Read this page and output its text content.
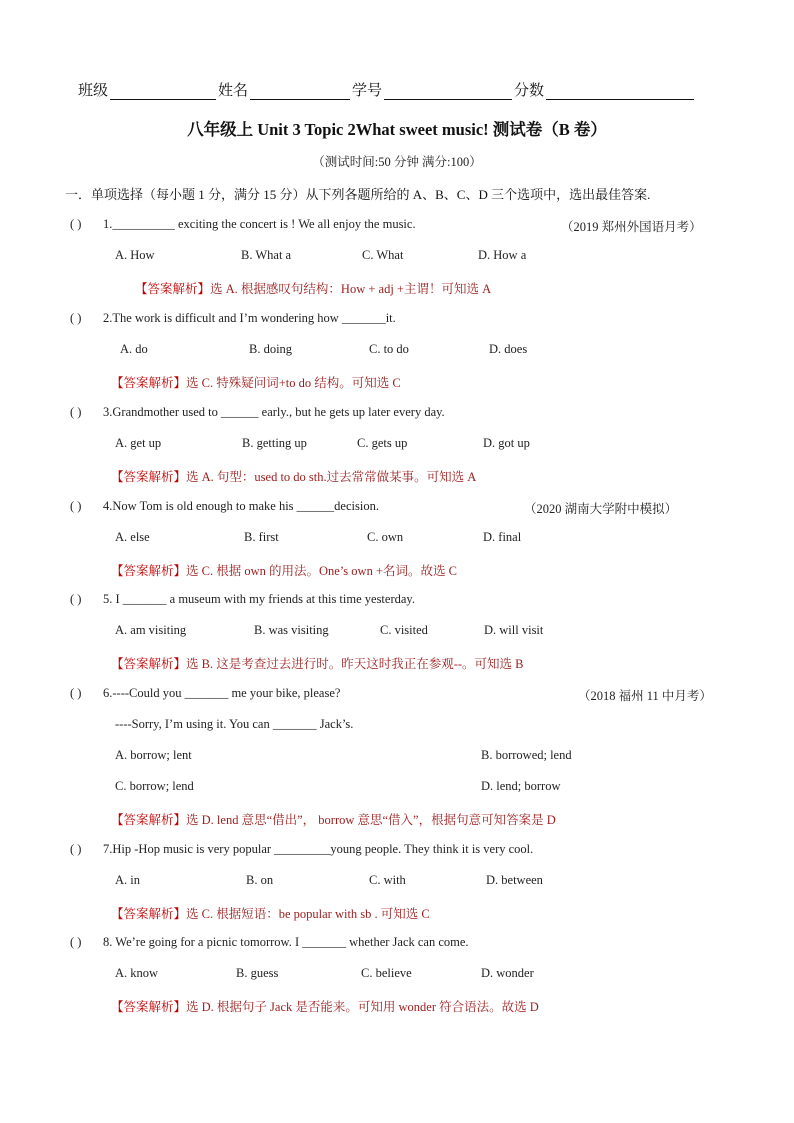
班级	姓名	学号	分数
八年级上 Unit 3 Topic 2What sweet music! 测试卷（B 卷）
（测试时间:50 分钟 满分:100）
一．单项选择（每小题 1 分，满分 15 分）从下列各题所给的 A、B、C、D 三个选项中，选出最佳答案.
( ) 1.__________ exciting the concert is ! We all enjoy the music.	（2019 郑州外国语月考）
A. How	B. What a	C. What	D. How a
【答案解析】选 A. 根据感叹句结构：How + adj +主谓！可知选 A
( ) 2.The work is difficult and I’m wondering how _______it.
A. do	B. doing	C. to do	D. does
【答案解析】选 C. 特殊疑问词+to do 结构。可知选 C
( ) 3.Grandmother used to ______ early., but he gets up later every day.
A. get up	B. getting up	C. gets up	D. got up
【答案解析】选 A. 句型：used to do sth.过去常常做某事。可知选 A
( ) 4.Now Tom is old enough to make his ______decision.	（2020 湖南大学附中模拟）
A. else	B. first	C. own	D. final
【答案解析】选 C. 根据 own 的用法。One’s own +名词。故选 C
( ) 5. I _______ a museum with my friends at this time yesterday.
A. am visiting	B. was visiting	C. visited	D. will visit
【答案解析】选 B. 这是考查过去进行时。昨天这时我正在参观--。可知选 B
( ) 6.----Could you _______ me your bike, please?	（2018 福州 11 中月考）
----Sorry, I’m using it. You can _______ Jack’s.
A. borrow; lent	B. borrowed; lend
C. borrow; lend	D. lend; borrow
【答案解析】选 D. lend 意思“借出”， borrow 意思“借入”，根据句意可知答案是 D
( ) 7.Hip -Hop music is very popular _________young people. They think it is very cool.
A. in	B. on	C. with	D. between
【答案解析】选 C. 根据短语：be popular with sb . 可知选 C
( ) 8. We’re going for a picnic tomorrow. I _______ whether Jack can come.
A. know	B. guess	C. believe	D. wonder
【答案解析】选 D. 根据句子 Jack 是否能来。可知用 wonder 符合语法。故选 D
